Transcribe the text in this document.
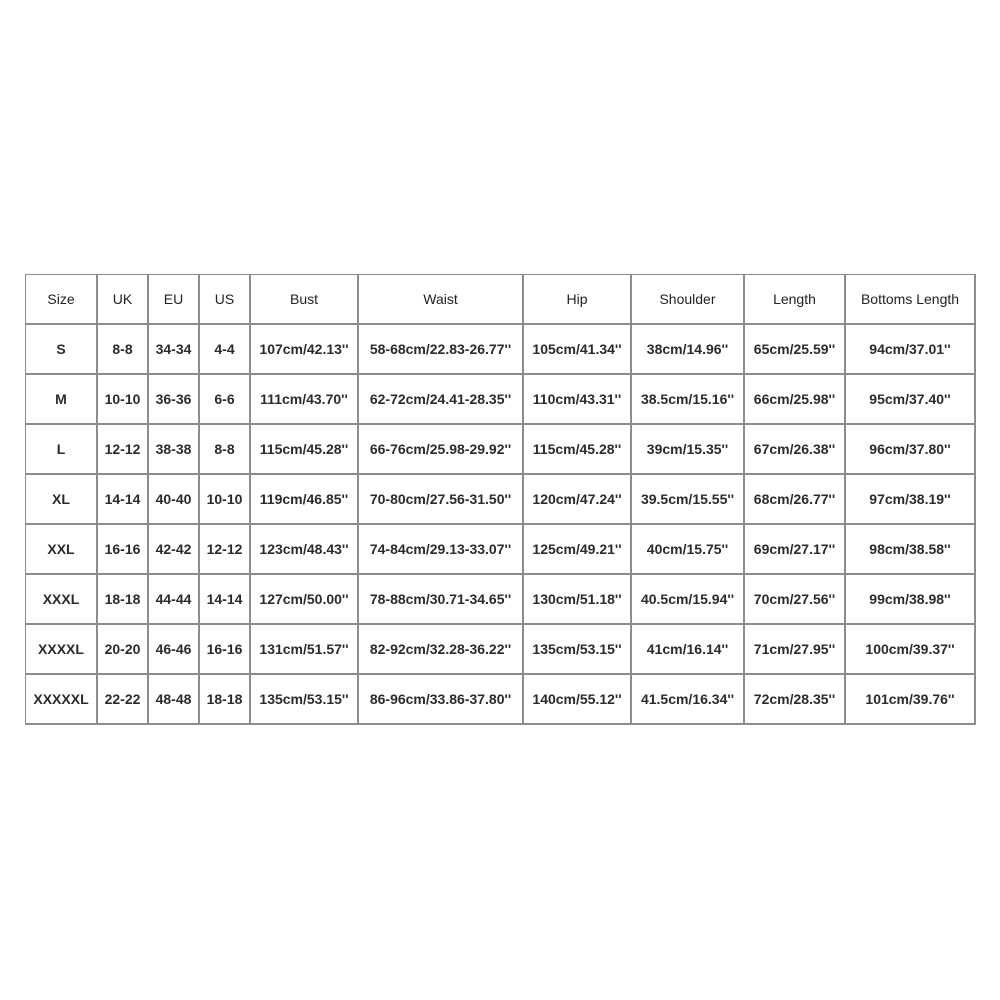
Size	UK	EU	US	Bust	Waist	Hip	Shoulder	Length	Bottoms Length
S	8-8	34-34	4-4	107cm/42.13''	58-68cm/22.83-26.77''	105cm/41.34''	38cm/14.96''	65cm/25.59''	94cm/37.01''
M	10-10	36-36	6-6	111cm/43.70''	62-72cm/24.41-28.35''	110cm/43.31''	38.5cm/15.16''	66cm/25.98''	95cm/37.40''
L	12-12	38-38	8-8	115cm/45.28''	66-76cm/25.98-29.92''	115cm/45.28''	39cm/15.35''	67cm/26.38''	96cm/37.80''
XL	14-14	40-40	10-10	119cm/46.85''	70-80cm/27.56-31.50''	120cm/47.24''	39.5cm/15.55''	68cm/26.77''	97cm/38.19''
XXL	16-16	42-42	12-12	123cm/48.43''	74-84cm/29.13-33.07''	125cm/49.21''	40cm/15.75''	69cm/27.17''	98cm/38.58''
XXXL	18-18	44-44	14-14	127cm/50.00''	78-88cm/30.71-34.65''	130cm/51.18''	40.5cm/15.94''	70cm/27.56''	99cm/38.98''
XXXXL	20-20	46-46	16-16	131cm/51.57''	82-92cm/32.28-36.22''	135cm/53.15''	41cm/16.14''	71cm/27.95''	100cm/39.37''
XXXXXL	22-22	48-48	18-18	135cm/53.15''	86-96cm/33.86-37.80''	140cm/55.12''	41.5cm/16.34''	72cm/28.35''	101cm/39.76''
